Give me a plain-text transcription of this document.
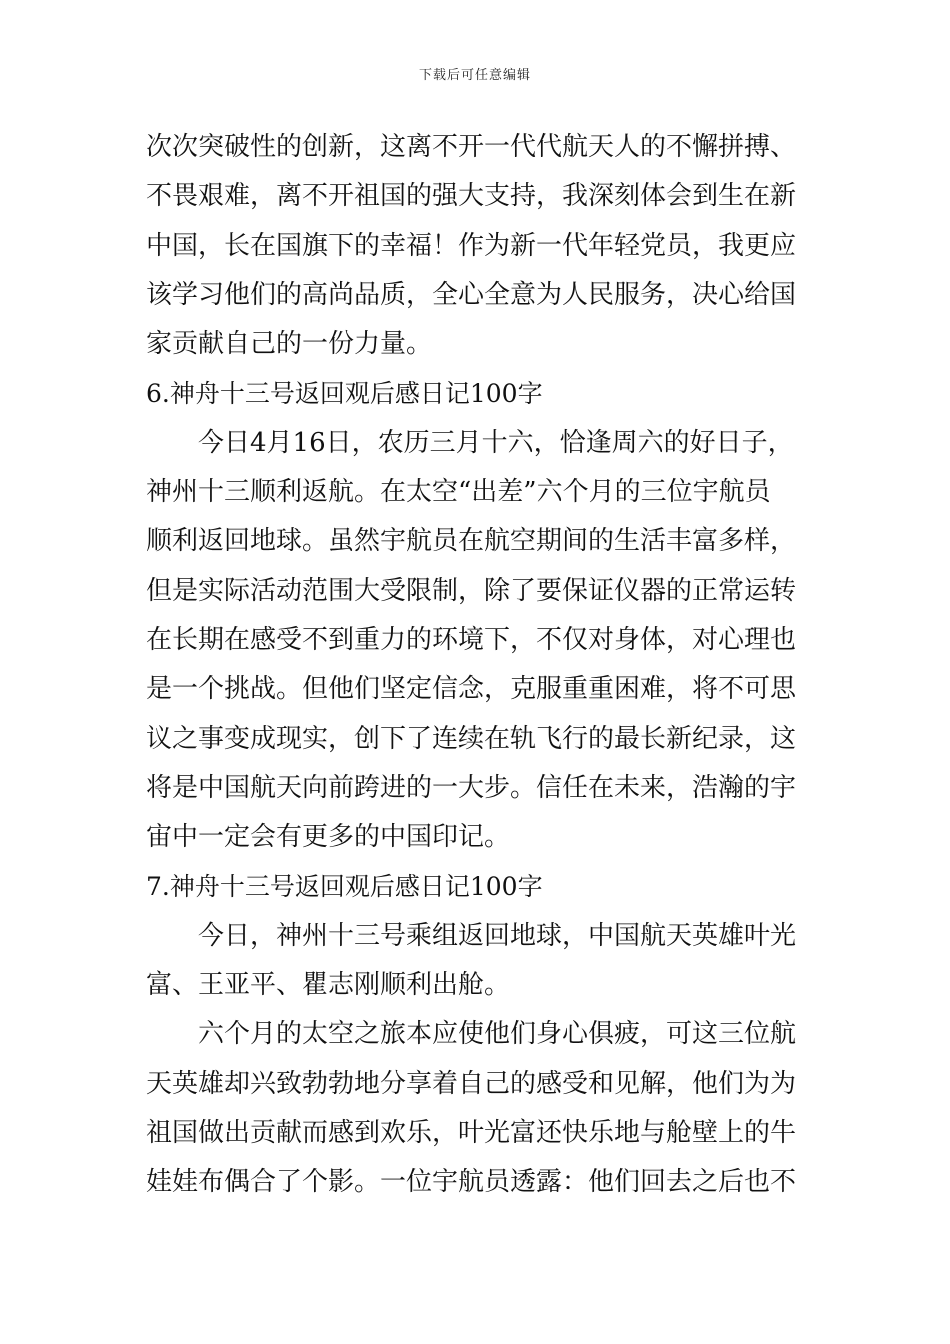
下载后可任意编辑
次次突破性的创新，这离不开一代代航天人的不懈拼搏、
不畏艰难，离不开祖国的强大支持，我深刻体会到生在新
中国，长在国旗下的幸福！作为新一代年轻党员，我更应
该学习他们的高尚品质，全心全意为人民服务，决心给国
家贡献自己的一份力量。
6.神舟十三号返回观后感日记100字
今日4月16日，农历三月十六，恰逢周六的好日子，
神州十三顺利返航。在太空“出差”六个月的三位宇航员
顺利返回地球。虽然宇航员在航空期间的生活丰富多样，
但是实际活动范围大受限制，除了要保证仪器的正常运转
在长期在感受不到重力的环境下，不仅对身体，对心理也
是一个挑战。但他们坚定信念，克服重重困难，将不可思
议之事变成现实，创下了连续在轨飞行的最长新纪录，这
将是中国航天向前跨进的一大步。信任在未来，浩瀚的宇
宙中一定会有更多的中国印记。
7.神舟十三号返回观后感日记100字
今日，神州十三号乘组返回地球，中国航天英雄叶光
富、王亚平、瞿志刚顺利出舱。
六个月的太空之旅本应使他们身心俱疲，可这三位航
天英雄却兴致勃勃地分享着自己的感受和见解，他们为为
祖国做出贡献而感到欢乐，叶光富还快乐地与舱壁上的牛
娃娃布偶合了个影。一位宇航员透露：他们回去之后也不
